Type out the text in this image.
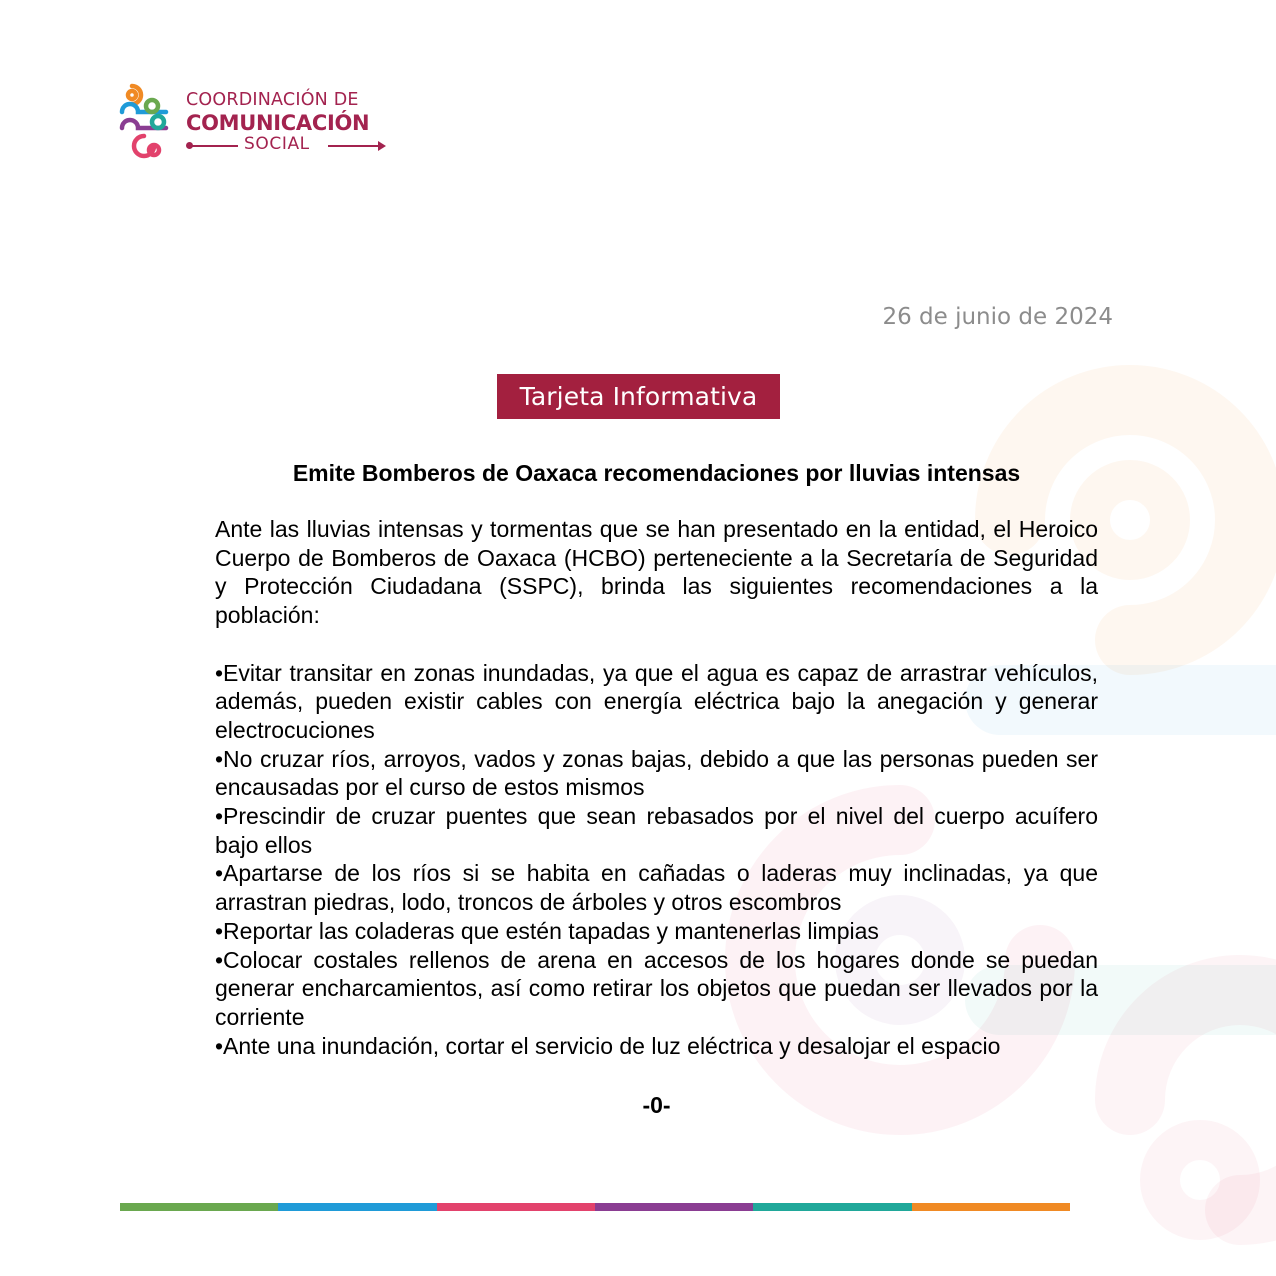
COORDINACIÓN DE
COMUNICACIÓN
SOCIAL
26 de junio de 2024
Tarjeta Informativa
Emite Bomberos de Oaxaca recomendaciones por lluvias intensas

Ante las lluvias intensas y tormentas que se han presentado en la entidad, el Heroico Cuerpo de Bomberos de Oaxaca (HCBO) perteneciente a la Secretaría de Seguridad y Protección Ciudadana (SSPC), brinda las siguientes recomendaciones a la población:

•Evitar transitar en zonas inundadas, ya que el agua es capaz de arrastrar vehículos, además, pueden existir cables con energía eléctrica bajo la anegación y generar electrocuciones
•No cruzar ríos, arroyos, vados y zonas bajas, debido a que las personas pueden ser encausadas por el curso de estos mismos
•Prescindir de cruzar puentes que sean rebasados por el nivel del cuerpo acuífero bajo ellos
•Apartarse de los ríos si se habita en cañadas o laderas muy inclinadas, ya que arrastran piedras, lodo, troncos de árboles y otros escombros
•Reportar las coladeras que estén tapadas y mantenerlas limpias
•Colocar costales rellenos de arena en accesos de los hogares donde se puedan generar encharcamientos, así como retirar los objetos que puedan ser llevados por la corriente
•Ante una inundación, cortar el servicio de luz eléctrica y desalojar el espacio
-0-
